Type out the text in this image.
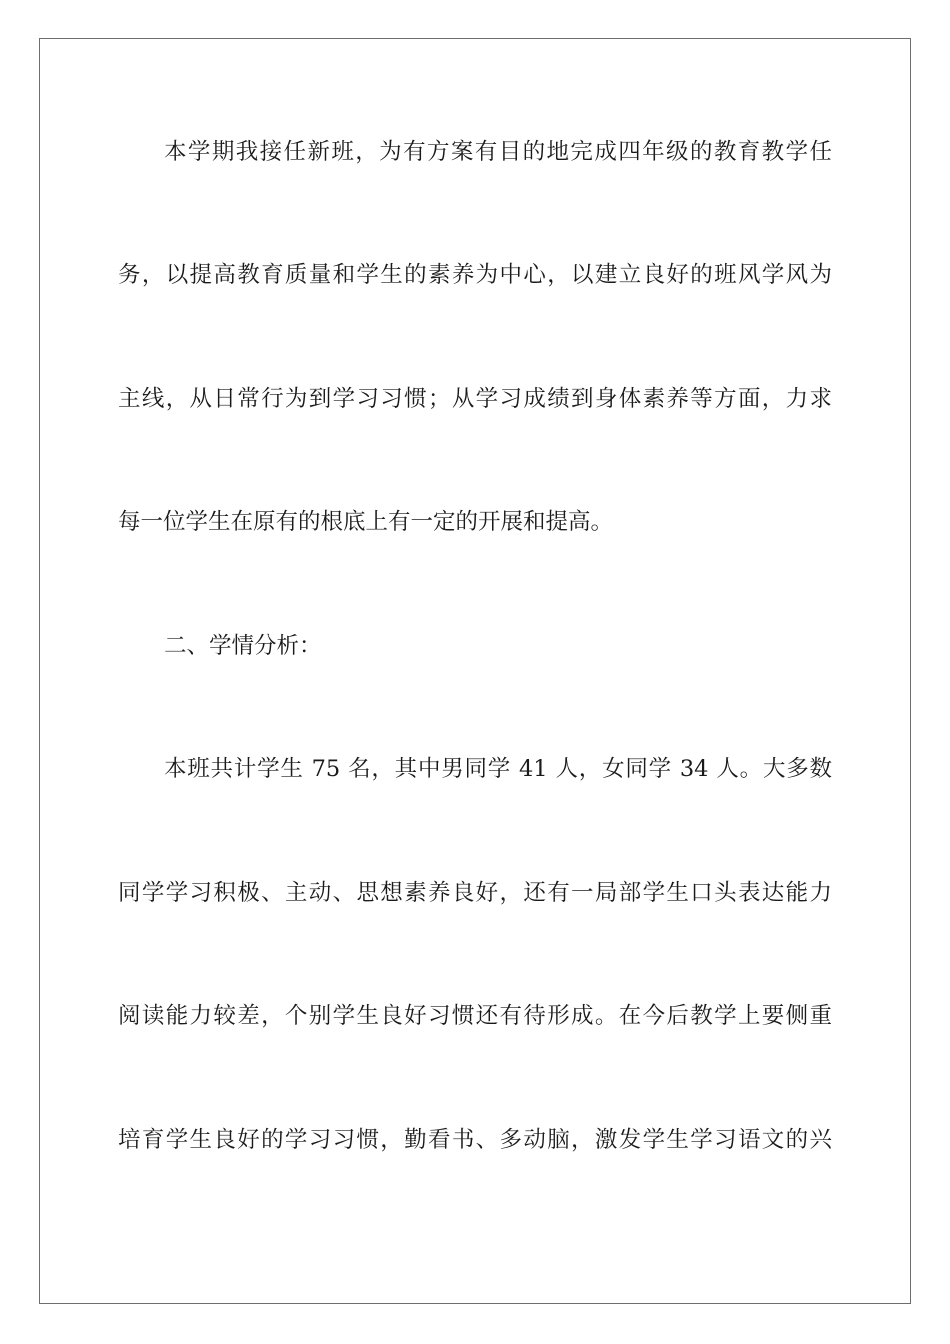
本学期我接任新班，为有方案有目的地完成四年级的教育教学任
务，以提高教育质量和学生的素养为中心，以建立良好的班风学风为
主线，从日常行为到学习习惯；从学习成绩到身体素养等方面，力求
每一位学生在原有的根底上有一定的开展和提高。
二、学情分析：
本班共计学生 75 名，其中男同学 41 人，女同学 34 人。大多数
同学学习积极、主动、思想素养良好，还有一局部学生口头表达能力
阅读能力较差，个别学生良好习惯还有待形成。在今后教学上要侧重
培育学生良好的学习习惯，勤看书、多动脑，激发学生学习语文的兴
